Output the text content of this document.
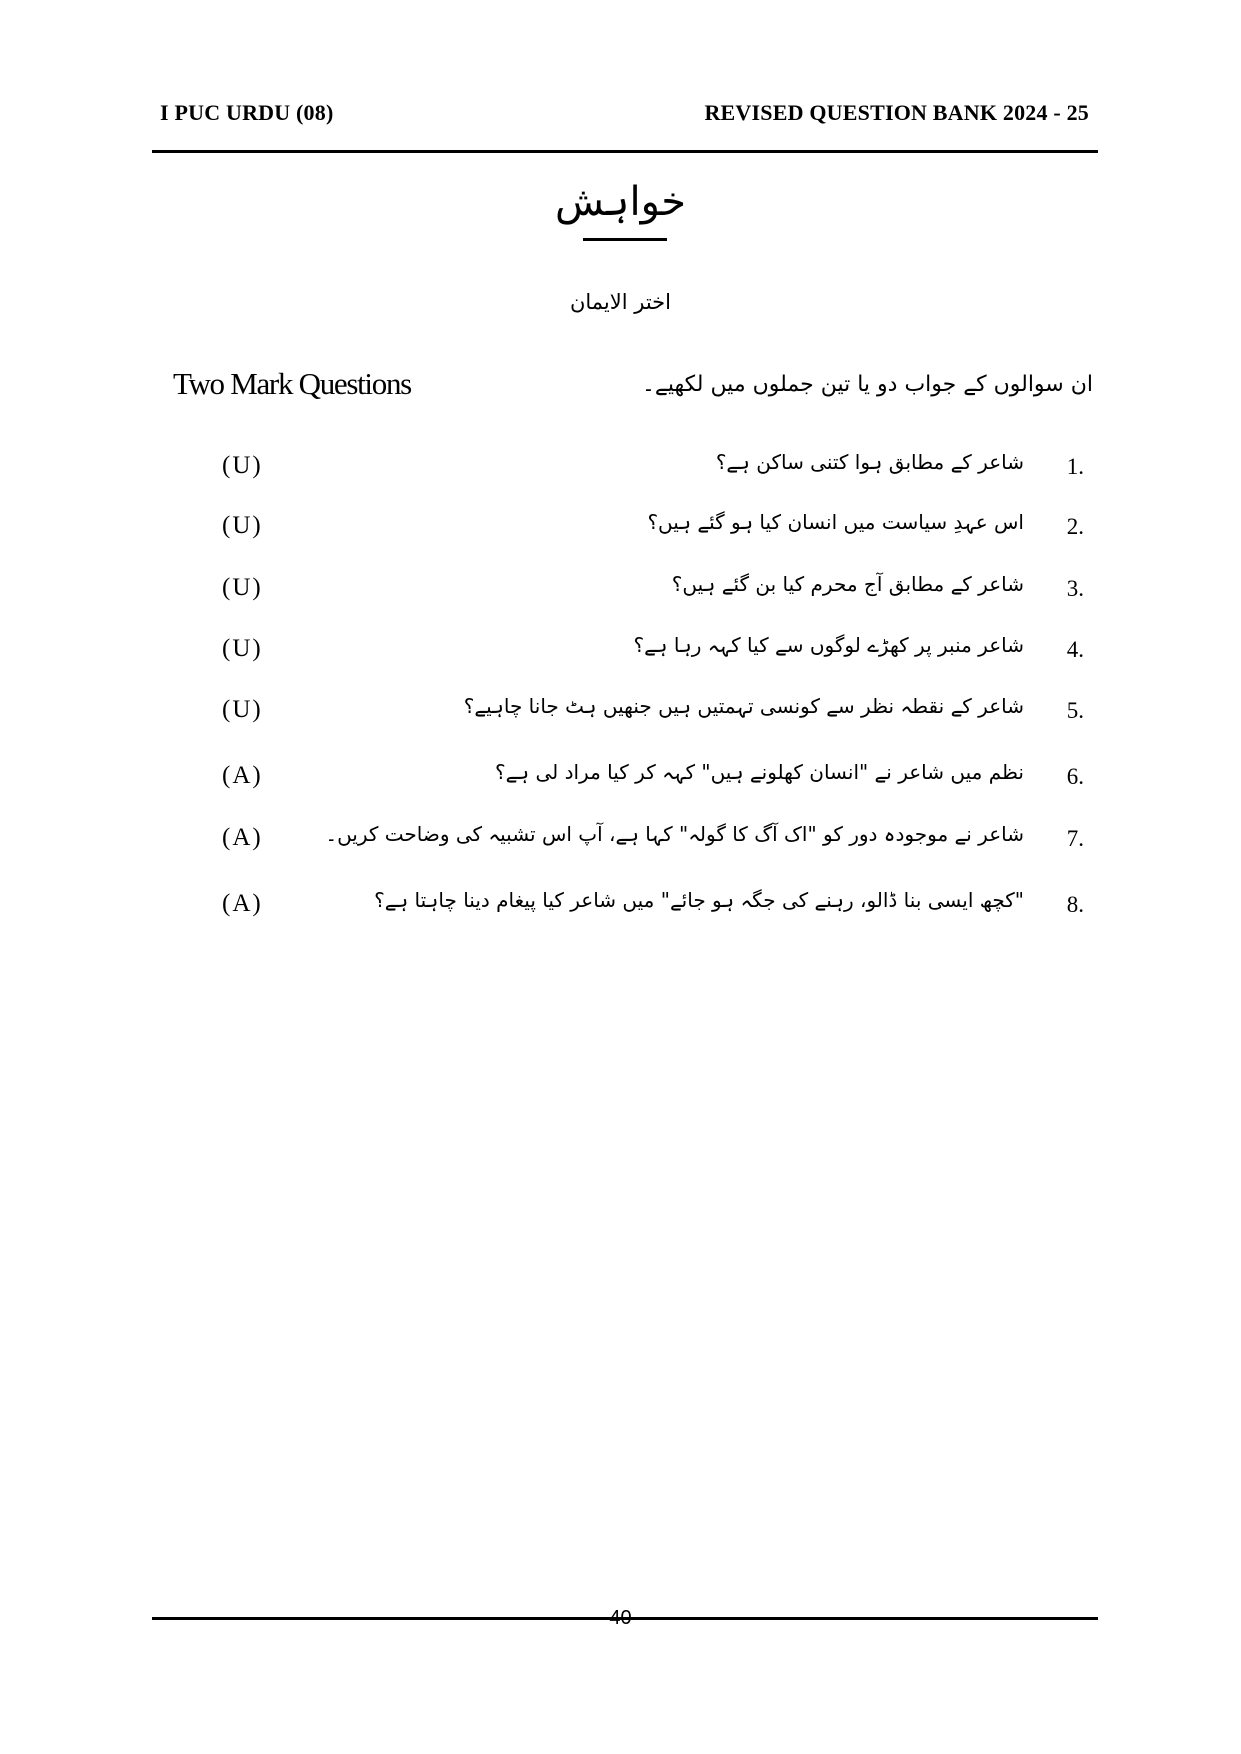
I PUC URDU (08)	REVISED QUESTION BANK 2024 - 25
خواہش
اختر الایمان
ان سوالوں کے جواب دو یا تین جملوں میں لکھیے۔
Two Mark Questions
1.
شاعر کے مطابق ہوا کتنی ساکن ہے؟
(U)
2.
اس عہدِ سیاست میں انسان کیا ہو گئے ہیں؟
(U)
3.
شاعر کے مطابق آج محرم کیا بن گئے ہیں؟
(U)
4.
شاعر منبر پر کھڑے لوگوں سے کیا کہہ رہا ہے؟
(U)
5.
شاعر کے نقطہ نظر سے کونسی تہمتیں ہیں جنھیں ہٹ جانا چاہیے؟
(U)
6.
نظم میں شاعر نے "انسان کھلونے ہیں" کہہ کر کیا مراد لی ہے؟
(A)
7.
شاعر نے موجودہ دور کو "اک آگ کا گولہ" کہا ہے، آپ اس تشبیہ کی وضاحت کریں۔
(A)
8.
"کچھ ایسی بنا ڈالو، رہنے کی جگہ ہو جائے" میں شاعر کیا پیغام دینا چاہتا ہے؟
(A)
40
